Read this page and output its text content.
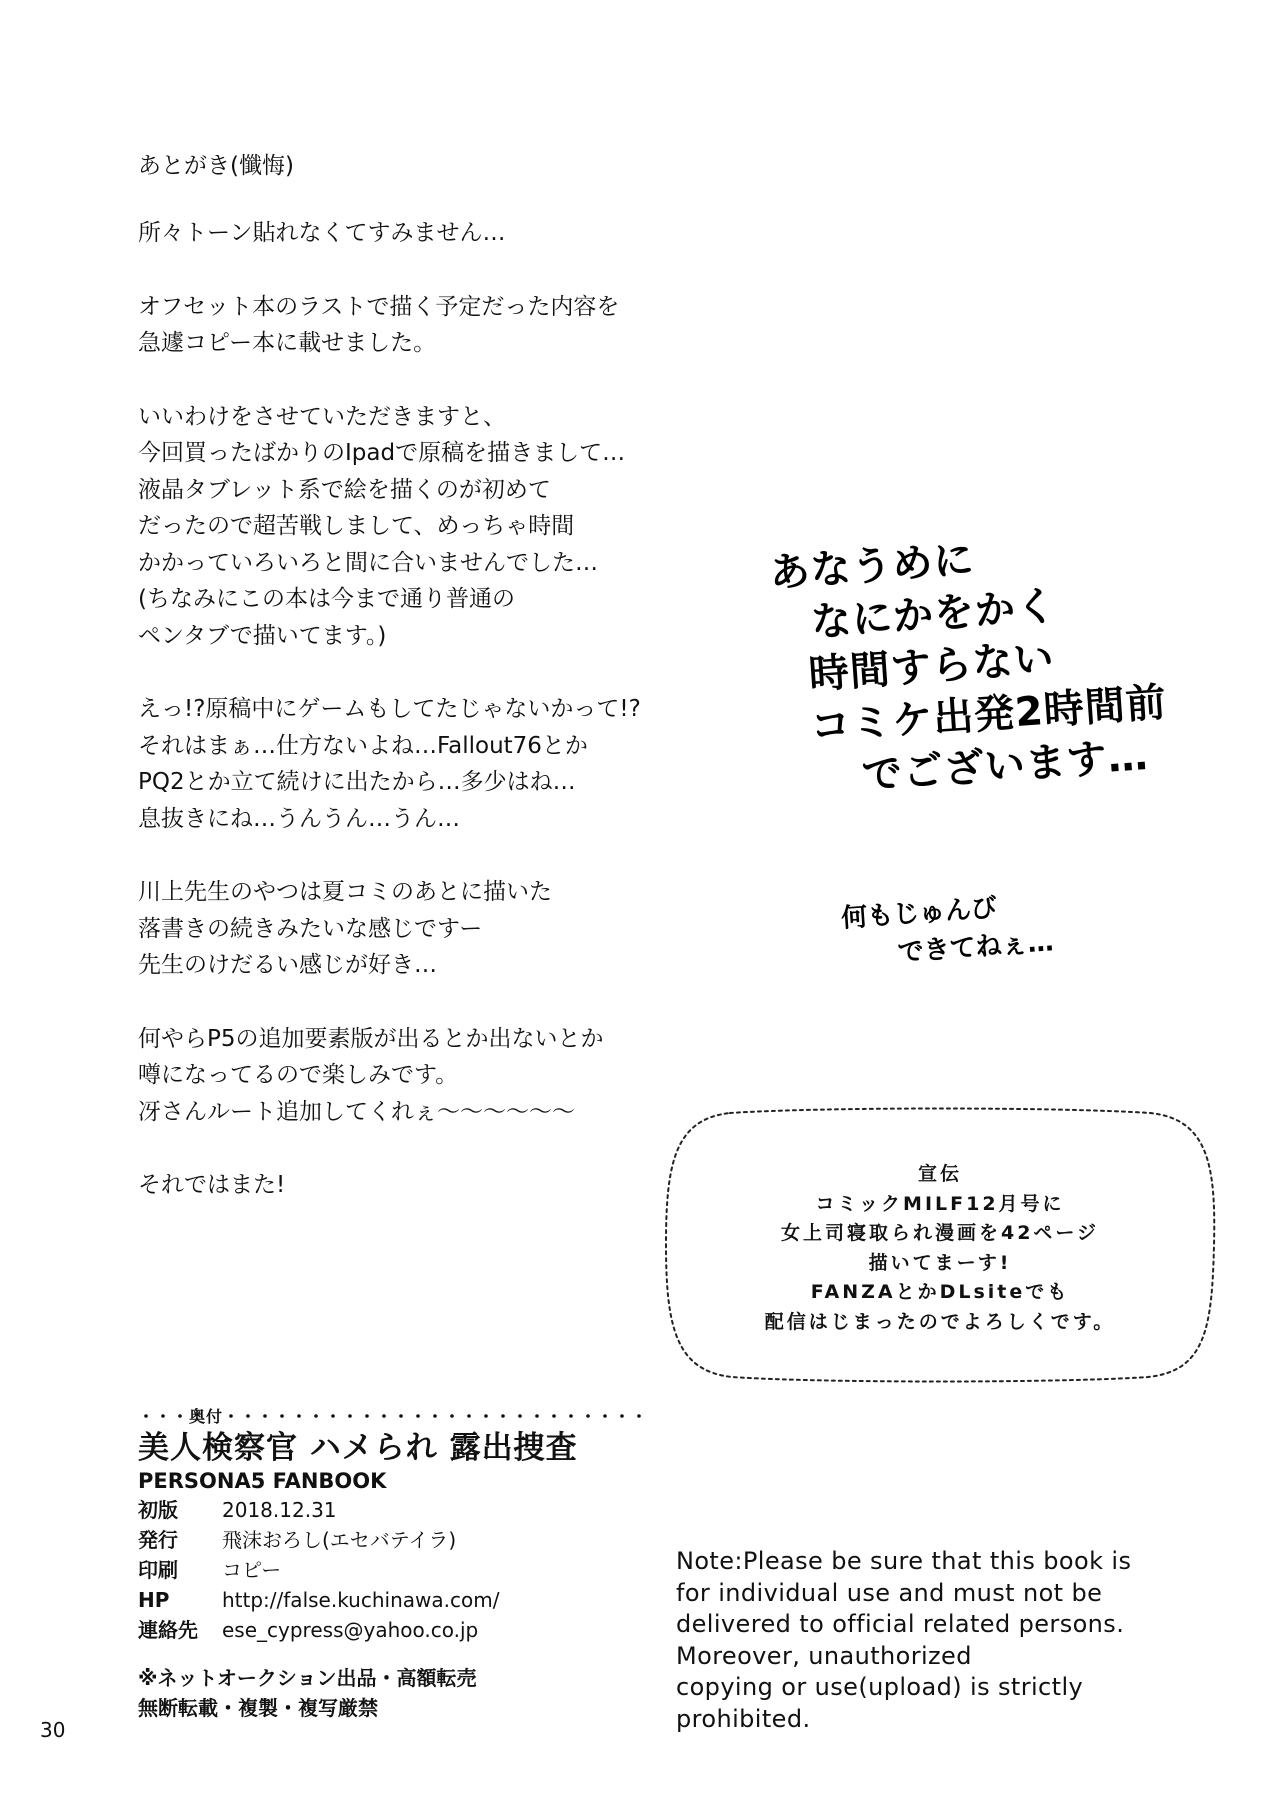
あとがき(懺悔)
所々トーン貼れなくてすみません…
オフセット本のラストで描く予定だった内容を
急遽コピー本に載せました。
いいわけをさせていただきますと、
今回買ったばかりのIpadで原稿を描きまして…
液晶タブレット系で絵を描くのが初めて
だったので超苦戦しまして、めっちゃ時間
かかっていろいろと間に合いませんでした…
(ちなみにこの本は今まで通り普通の
ペンタブで描いてます。)
えっ!?原稿中にゲームもしてたじゃないかって!?
それはまぁ…仕方ないよね…Fallout76とか
PQ2とか立て続けに出たから…多少はね…
息抜きにね…うんうん…うん…
川上先生のやつは夏コミのあとに描いた
落書きの続きみたいな感じですー
先生のけだるい感じが好き…
何やらP5の追加要素版が出るとか出ないとか
噂になってるので楽しみです。
冴さんルート追加してくれぇ〜〜〜〜〜〜
それではまた!
あなうめに
なにかをかく
時間すらない
コミケ出発2時間前
でございます…
何もじゅんび
できてねぇ…
宣伝
コミックMILF12月号に
女上司寝取られ漫画を42ページ
描いてまーす!
FANZAとかDLsiteでも
配信はじまったのでよろしくです。
・・・奥付・・・・・・・・・・・・・・・・・・・・・・・・・
美人検察官 ハメられ 露出捜査
PERSONA5 FANBOOK
初版 2018.12.31
発行 飛沫おろし(エセバテイラ)
印刷 コピー
HP	http://false.kuchinawa.com/
連絡先 ese_cypress@yahoo.co.jp
※ネットオークション出品・高額転売
無断転載・複製・複写厳禁
Note:Please be sure that this book is
for individual use and must not be
delivered to official related persons.
Moreover, unauthorized
copying or use(upload) is strictly
prohibited.
30
